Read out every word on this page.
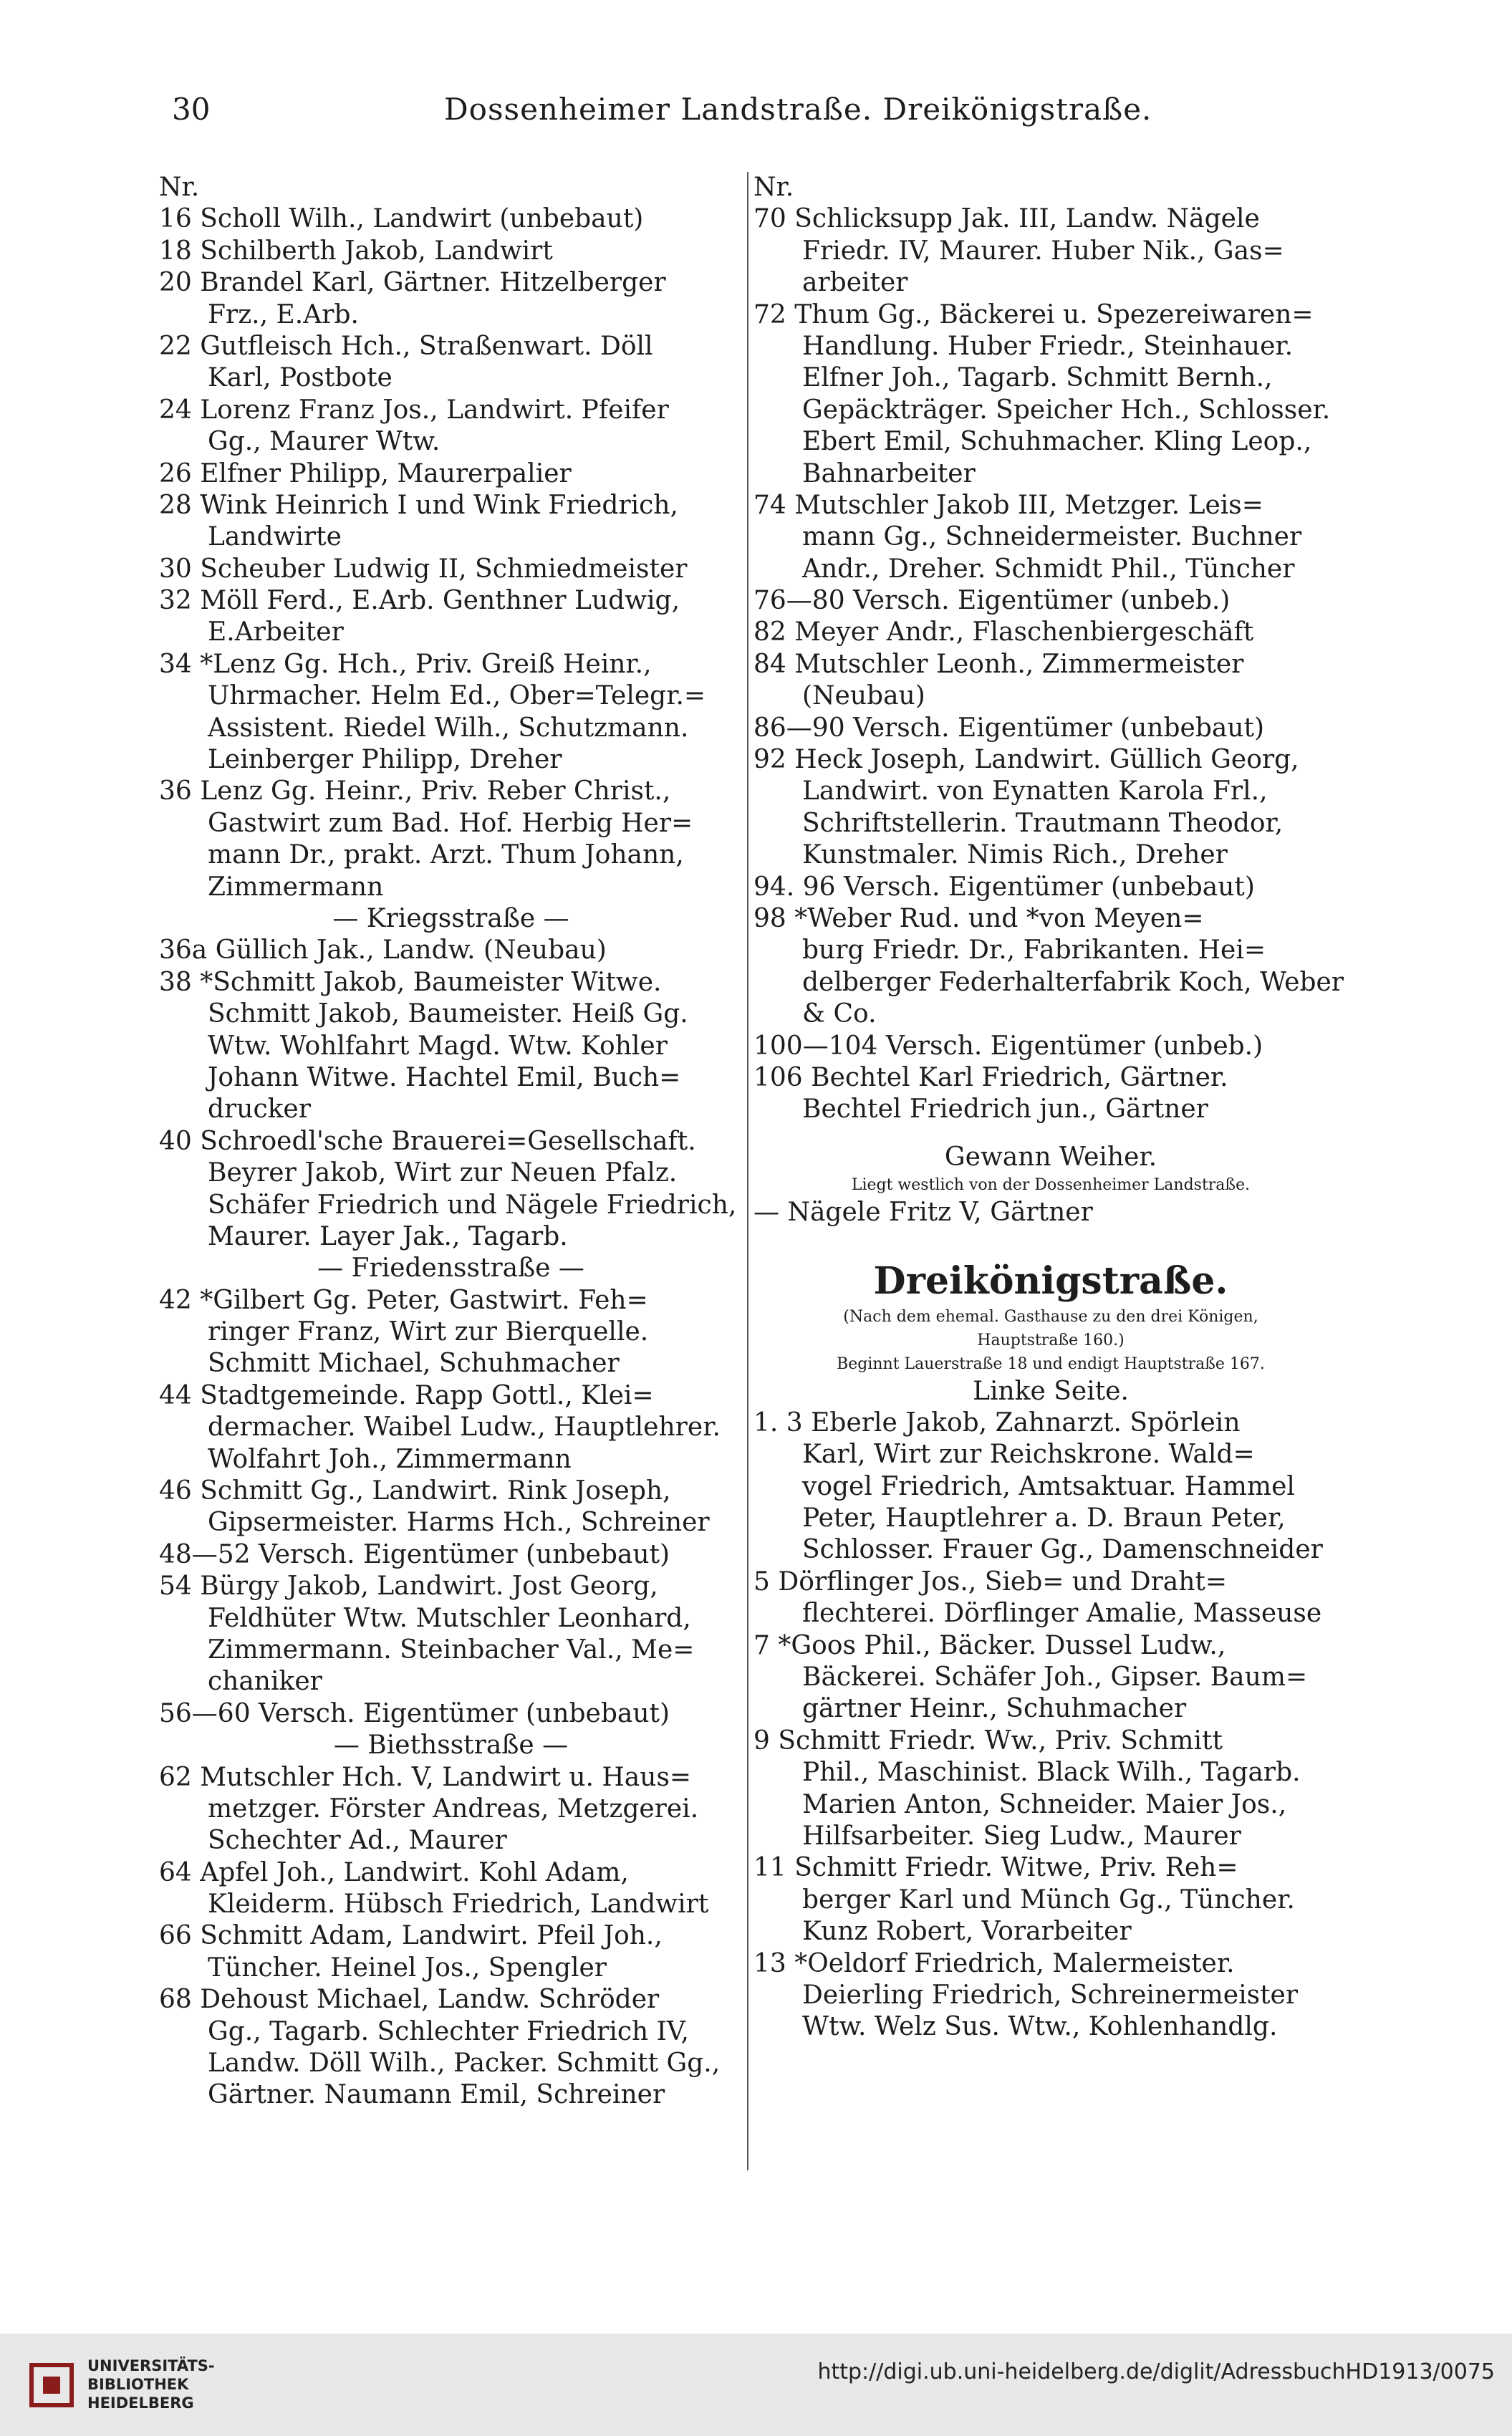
30	Dossenheimer Landstraße. Dreikönigstraße.
Nr.
16 Scholl Wilh., Landwirt (unbebaut)
18 Schilberth Jakob, Landwirt
20 Brandel Karl, Gärtner. Hitzelberger
Frz., E.Arb.
22 Gutfleisch Hch., Straßenwart. Döll
Karl, Postbote
24 Lorenz Franz Jos., Landwirt. Pfeifer
Gg., Maurer Wtw.
26 Elfner Philipp, Maurerpalier
28 Wink Heinrich I und Wink Friedrich,
Landwirte
30 Scheuber Ludwig II, Schmiedmeister
32 Möll Ferd., E.Arb. Genthner Ludwig,
E.Arbeiter
34 *Lenz Gg. Hch., Priv. Greiß Heinr.,
Uhrmacher. Helm Ed., Ober=Telegr.=
Assistent. Riedel Wilh., Schutzmann.
Leinberger Philipp, Dreher
36 Lenz Gg. Heinr., Priv. Reber Christ.,
Gastwirt zum Bad. Hof. Herbig Her=
mann Dr., prakt. Arzt. Thum Johann,
Zimmermann
— Kriegsstraße —
36a Güllich Jak., Landw. (Neubau)
38 *Schmitt Jakob, Baumeister Witwe.
Schmitt Jakob, Baumeister. Heiß Gg.
Wtw. Wohlfahrt Magd. Wtw. Kohler
Johann Witwe. Hachtel Emil, Buch=
drucker
40 Schroedl'sche Brauerei=Gesellschaft.
Beyrer Jakob, Wirt zur Neuen Pfalz.
Schäfer Friedrich und Nägele Friedrich,
Maurer. Layer Jak., Tagarb.
— Friedensstraße —
42 *Gilbert Gg. Peter, Gastwirt. Feh=
ringer Franz, Wirt zur Bierquelle.
Schmitt Michael, Schuhmacher
44 Stadtgemeinde. Rapp Gottl., Klei=
dermacher. Waibel Ludw., Hauptlehrer.
Wolfahrt Joh., Zimmermann
46 Schmitt Gg., Landwirt. Rink Joseph,
Gipsermeister. Harms Hch., Schreiner
48—52 Versch. Eigentümer (unbebaut)
54 Bürgy Jakob, Landwirt. Jost Georg,
Feldhüter Wtw. Mutschler Leonhard,
Zimmermann. Steinbacher Val., Me=
chaniker
56—60 Versch. Eigentümer (unbebaut)
— Biethsstraße —
62 Mutschler Hch. V, Landwirt u. Haus=
metzger. Förster Andreas, Metzgerei.
Schechter Ad., Maurer
64 Apfel Joh., Landwirt. Kohl Adam,
Kleiderm. Hübsch Friedrich, Landwirt
66 Schmitt Adam, Landwirt. Pfeil Joh.,
Tüncher. Heinel Jos., Spengler
68 Dehoust Michael, Landw. Schröder
Gg., Tagarb. Schlechter Friedrich IV,
Landw. Döll Wilh., Packer. Schmitt Gg.,
Gärtner. Naumann Emil, Schreiner
Nr.
70 Schlicksupp Jak. III, Landw. Nägele
Friedr. IV, Maurer. Huber Nik., Gas=
arbeiter
72 Thum Gg., Bäckerei u. Spezereiwaren=
Handlung. Huber Friedr., Steinhauer.
Elfner Joh., Tagarb. Schmitt Bernh.,
Gepäckträger. Speicher Hch., Schlosser.
Ebert Emil, Schuhmacher. Kling Leop.,
Bahnarbeiter
74 Mutschler Jakob III, Metzger. Leis=
mann Gg., Schneidermeister. Buchner
Andr., Dreher. Schmidt Phil., Tüncher
76—80 Versch. Eigentümer (unbeb.)
82 Meyer Andr., Flaschenbiergeschäft
84 Mutschler Leonh., Zimmermeister
(Neubau)
86—90 Versch. Eigentümer (unbebaut)
92 Heck Joseph, Landwirt. Güllich Georg,
Landwirt. von Eynatten Karola Frl.,
Schriftstellerin. Trautmann Theodor,
Kunstmaler. Nimis Rich., Dreher
94. 96 Versch. Eigentümer (unbebaut)
98 *Weber Rud. und *von Meyen=
burg Friedr. Dr., Fabrikanten. Hei=
delberger Federhalterfabrik Koch, Weber
& Co.
100—104 Versch. Eigentümer (unbeb.)
106 Bechtel Karl Friedrich, Gärtner.
Bechtel Friedrich jun., Gärtner
Gewann Weiher.
Liegt westlich von der Dossenheimer Landstraße.
— Nägele Fritz V, Gärtner
Dreikönigstraße.
(Nach dem ehemal. Gasthause zu den drei Königen,
Hauptstraße 160.)
Beginnt Lauerstraße 18 und endigt Hauptstraße 167.
Linke Seite.
1. 3 Eberle Jakob, Zahnarzt. Spörlein
Karl, Wirt zur Reichskrone. Wald=
vogel Friedrich, Amtsaktuar. Hammel
Peter, Hauptlehrer a. D. Braun Peter,
Schlosser. Frauer Gg., Damenschneider
5 Dörflinger Jos., Sieb= und Draht=
flechterei. Dörflinger Amalie, Masseuse
7 *Goos Phil., Bäcker. Dussel Ludw.,
Bäckerei. Schäfer Joh., Gipser. Baum=
gärtner Heinr., Schuhmacher
9 Schmitt Friedr. Ww., Priv. Schmitt
Phil., Maschinist. Black Wilh., Tagarb.
Marien Anton, Schneider. Maier Jos.,
Hilfsarbeiter. Sieg Ludw., Maurer
11 Schmitt Friedr. Witwe, Priv. Reh=
berger Karl und Münch Gg., Tüncher.
Kunz Robert, Vorarbeiter
13 *Oeldorf Friedrich, Malermeister.
Deierling Friedrich, Schreinermeister
Wtw. Welz Sus. Wtw., Kohlenhandlg.
UNIVERSITÄTS-
BIBLIOTHEK
HEIDELBERG
http://digi.ub.uni-heidelberg.de/diglit/AdressbuchHD1913/0075
